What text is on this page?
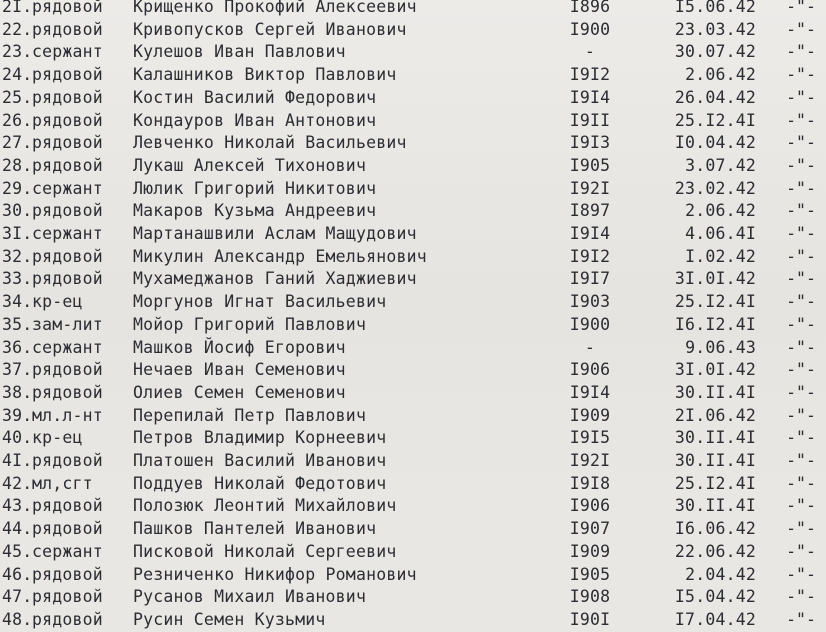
2I. рядовой	Крищенко Прокофий Алексеевич	I896	I5.06.42	-"-
22. рядовой	Кривопусков Сергей Иванович	I900	23.03.42	-"-
23. сержант	Кулешов Иван Павлович	-	30.07.42	-"-
24. рядовой	Калашников Виктор Павлович	I9I2	2.06.42	-"-
25. рядовой	Костин Василий Федорович	I9I4	26.04.42	-"-
26. рядовой	Кондауров Иван Антонович	I9II	25.I2.4I	-"-
27. рядовой	Левченко Николай Васильевич	I9I3	I0.04.42	-"-
28. рядовой	Лукаш Алексей Тихонович	I905	3.07.42	-"-
29. сержант	Люлик Григорий Никитович	I92I	23.02.42	-"-
30. рядовой	Макаров Кузьма Андреевич	I897	2.06.42	-"-
3I. сержант	Мартанашвили Аслам Мащудович	I9I4	4.06.4I	-"-
32. рядовой	Микулин Александр Емельянович	I9I2	I.02.42	-"-
33. рядовой	Мухамеджанов Ганий Хаджиевич	I9I7	3I.0I.42	-"-
34. кр-ец	Моргунов Игнат Васильевич	I903	25.I2.4I	-"-
35. зам-лит	Мойор Григорий Павлович	I900	I6.I2.4I	-"-
36. сержант	Машков Йосиф Егорович	-	9.06.43	-"-
37. рядовой	Нечаев Иван Семенович	I906	3I.0I.42	-"-
38. рядовой	Олиев Семен Семенович	I9I4	30.II.4I	-"-
39. мл.л-нт	Перепилай Петр Павлович	I909	2I.06.42	-"-
40. кр-ец	Петров Владимир Корнеевич	I9I5	30.II.4I	-"-
4I. рядовой	Платошен Василий Иванович	I92I	30.II.4I	-"-
42. мл,сгт	Поддуев Николай Федотович	I9I8	25.I2.4I	-"-
43. рядовой	Полозюк Леонтий Михайлович	I906	30.II.4I	-"-
44. рядовой	Пашков Пантелей Иванович	I907	I6.06.42	-"-
45. сержант	Писковой Николай Сергеевич	I909	22.06.42	-"-
46. рядовой	Резниченко Никифор Романович	I905	2.04.42	-"-
47. рядовой	Русанов Михаил Иванович	I908	I5.04.42	-"-
48. рядовой	Русин Семен Кузьмич	I90I	I7.04.42	-"-
